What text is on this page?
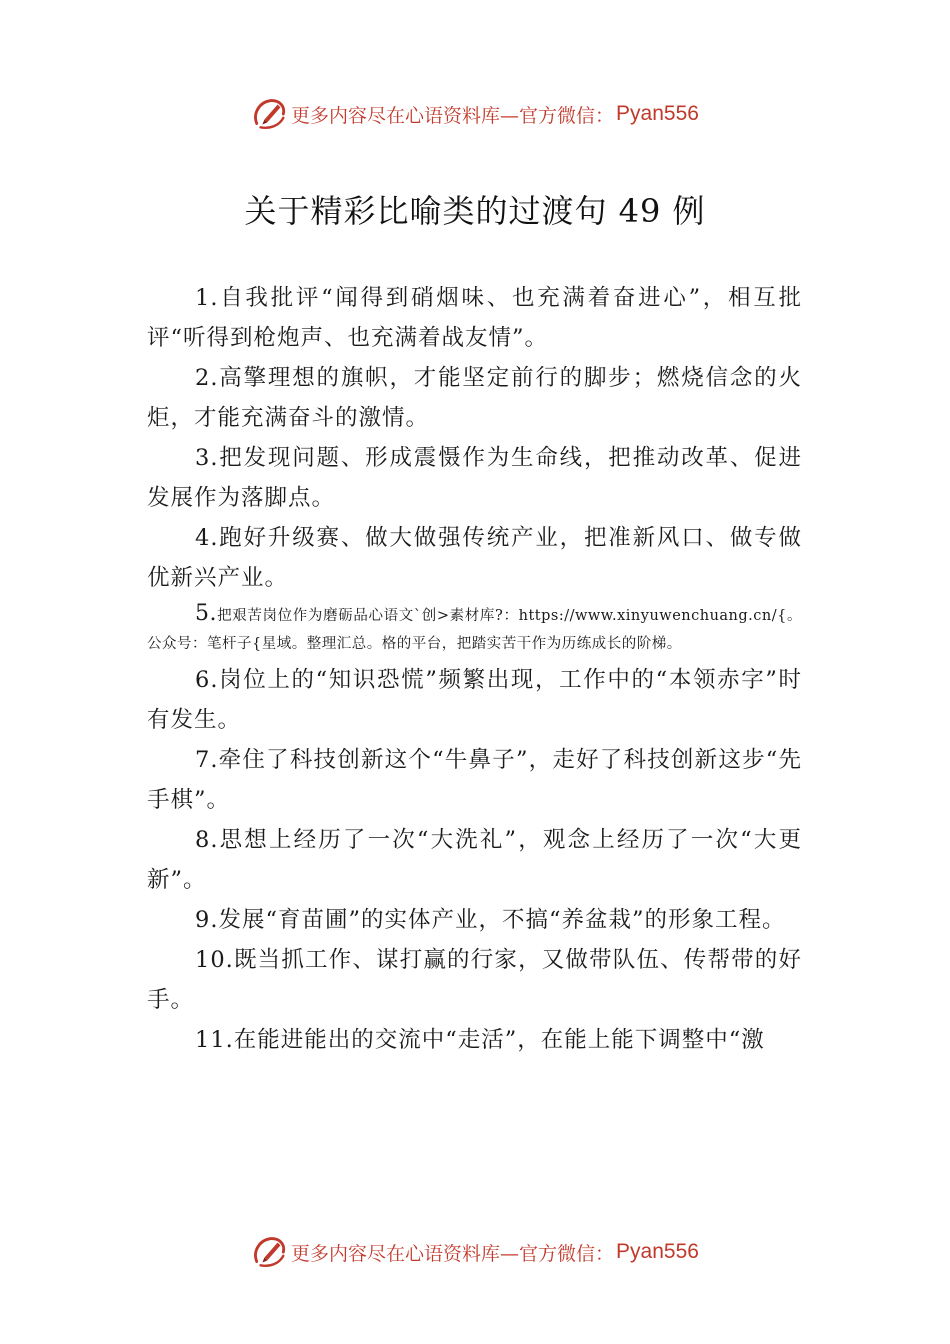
更多内容尽在心语资料库—官方微信： Pyan556
关于精彩比喻类的过渡句 49 例

1.自我批评“闻得到硝烟味、也充满着奋进心”，相互批评“听得到枪炮声、也充满着战友情”。

2.高擎理想的旗帜，才能坚定前行的脚步；燃烧信念的火炬，才能充满奋斗的激情。

3.把发现问题、形成震慑作为生命线，把推动改革、促进发展作为落脚点。

4.跑好升级赛、做大做强传统产业，把准新风口、做专做优新兴产业。

5.把艰苦岗位作为磨砺品心语文`创>素材库?：https://www.xinyuwenchuang.cn/{。公众号：笔杆子{星域。整理汇总。格的平台，把踏实苦干作为历练成长的阶梯。

6.岗位上的“知识恐慌”频繁出现，工作中的“本领赤字”时有发生。

7.牵住了科技创新这个“牛鼻子”，走好了科技创新这步“先手棋”。

8.思想上经历了一次“大洗礼”，观念上经历了一次“大更新”。

9.发展“育苗圃”的实体产业，不搞“养盆栽”的形象工程。

10.既当抓工作、谋打赢的行家，又做带队伍、传帮带的好手。

11.在能进能出的交流中“走活”，在能上能下调整中“激

更多内容尽在心语资料库—官方微信： Pyan556
